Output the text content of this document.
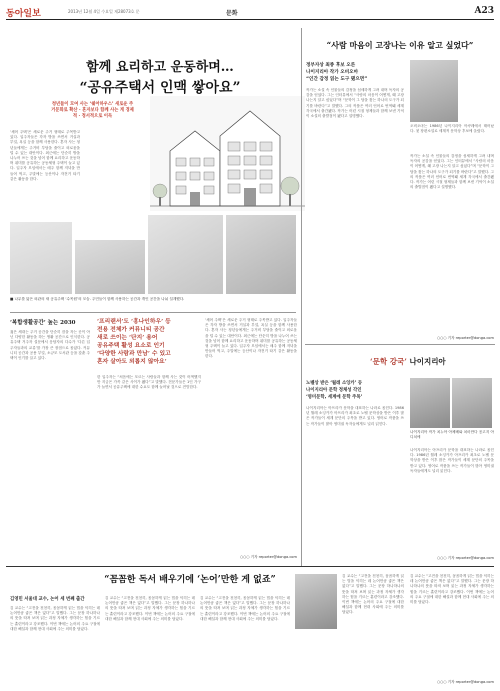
동아일보	2013년 12월 4일 수요일 제28073호 문	문화	A23
함께 요리하고 운동하며…
“공유주택서 인맥 쌓아요”
청년들이 모여 사는 ‘쉐어하우스’ 새로운 주거문화로 확산 · 혼자보다 함께 사는 게 경제적 · 정서적으로 이득
‘셰어 주택’은 새로운 주거 형태로 주목받고 있다. 입주자들은 각자 방을 쓰면서 거실과 부엌, 욕실 등을 함께 사용한다. 혼자 사는 청년들에게는 주거비 부담을 줄이고 외로움을 덜 수 있는 대안이다. 최근에는 단순히 방을 나누어 쓰는 것을 넘어 함께 요리하고 운동하며 취미를 공유하는 공동체형 주택이 늘고 있다. 입주자 모임에서는 매주 함께 저녁을 만들어 먹고, 주말에는 등산이나 자전거 타기 같은 활동을 한다.
■ 나무를 닮은 외관의 새 공유주택 ‘수목원’의 모습. 주민들이 함께 사용하는 공간과 개인 공간을 나눠 설계했다.
‘복합생활공간’ 높는 2030
젊은 세대는 주거 공간을 단순히 잠을 자는 곳이 아닌 다양한 활동을 하는 생활 공간으로 인식한다. 공유주택 거주자 설문에서 응답자의 다수가 ‘다른 입주자들과의 교류’를 가장 큰 장점으로 꼽았다. 커뮤니티 공간과 공용 부엌, 소규모 도서관 등을 갖춘 주택이 인기를 끌고 있다.
‘프리랜서’도 ‘홍나인하우’ 등
전용 전체가 커뮤니티 공간
새로 쓰이는 ‘단지’ 용어
공유주택 활성 요소로 인기
‘다양한 사람과 만남’ 수 있고
혼자 살아도 외롭지 않아요’
한 입주자는 “처음에는 모르는 사람들과 함께 사는 것이 어색했지만 지금은 가족 같은 사이가 됐다”고 말했다. 전문가들은 1인 가구가 늘면서 공유주택에 대한 수요도 함께 늘어날 것으로 전망한다.
‘셰어 주택’은 새로운 주거 형태로 주목받고 있다. 입주자들은 각자 방을 쓰면서 거실과 부엌, 욕실 등을 함께 사용한다. 혼자 사는 청년들에게는 주거비 부담을 줄이고 외로움을 덜 수 있는 대안이다. 최근에는 단순히 방을 나누어 쓰는 것을 넘어 함께 요리하고 운동하며 취미를 공유하는 공동체형 주택이 늘고 있다. 입주자 모임에서는 매주 함께 저녁을 만들어 먹고, 주말에는 등산이나 자전거 타기 같은 활동을 한다.
○○○ 기자 reporter@donga.com
“사람 마음이 고장나는 이유 알고 싶었다”
정부자상 최종 후보 오른
나이지리아 작가 오비오마
“인간 감정 읽는 도구 됐으면”
작가는 소설 속 인물들의 감정을 섬세하게 그려 내며 독자의 공감을 얻었다. 그는 인터뷰에서 “사람의 마음이 어떻게, 왜 고장 나는지 알고 싶었다”며 “문학이 그 답을 찾는 하나의 도구가 되기를 바란다”고 말했다. 그의 작품은 여러 언어로 번역돼 세계 각국에서 출간됐다. 작가는 어린 시절 형제들과 함께 보낸 기억이 소설의 출발점이 됐다고 설명했다.
오비오마는 1986년 나이지리아 아쿠레에서 태어났다. 첫 장편소설로 세계적 문학상 후보에 올랐다.
작가는 소설 속 인물들의 감정을 섬세하게 그려 내며 독자의 공감을 얻었다. 그는 인터뷰에서 “사람의 마음이 어떻게, 왜 고장 나는지 알고 싶었다”며 “문학이 그 답을 찾는 하나의 도구가 되기를 바란다”고 말했다. 그의 작품은 여러 언어로 번역돼 세계 각국에서 출간됐다. 작가는 어린 시절 형제들과 함께 보낸 기억이 소설의 출발점이 됐다고 설명했다.
○○○ 기자 reporter@donga.com
‘문학 강국’ 나이지리아
노벨상 받은 ‘월레 소잉카’ 등
나이지리아 문학 정체성 각인
‘영미문학, 세계에 문학 주목’
나이지리아는 아프리카 문학을 대표하는 나라로 꼽힌다. 1986년 월레 소잉카가 아프리카 최초로 노벨 문학상을 받은 이후 많은 작가들이 세계 문단의 주목을 받고 있다. 영어로 작품을 쓰는 작가들이 많아 영미권 독자들에게도 널리 읽힌다.
나이지리아 작가 치누아 아체베와 치마만다 응고지 아디치에
나이지리아는 아프리카 문학을 대표하는 나라로 꼽힌다. 1986년 월레 소잉카가 아프리카 최초로 노벨 문학상을 받은 이후 많은 작가들이 세계 문단의 주목을 받고 있다. 영어로 작품을 쓰는 작가들이 많아 영미권 독자들에게도 널리 읽힌다.
○○○ 기자 reporter@donga.com
“꼼꼼한 독서 배우기에 ‘논어’만한 게 없죠”
김영민 서울대 교수, 논어 세 번째 출간
김 교수는 “고전을 천천히, 꼼꼼하게 읽는 법을 익히는 데 논어만큼 좋은 책은 없다”고 말했다. 그는 문장 하나하나의 뜻을 따져 보며 읽는 과정 자체가 생각하는 힘을 기르는 훈련이라고 강조했다. 이번 책에는 논어의 주요 구절에 대한 해설과 함께 현대 사회에 주는 의미를 담았다.
김 교수는 “고전을 천천히, 꼼꼼하게 읽는 법을 익히는 데 논어만큼 좋은 책은 없다”고 말했다. 그는 문장 하나하나의 뜻을 따져 보며 읽는 과정 자체가 생각하는 힘을 기르는 훈련이라고 강조했다. 이번 책에는 논어의 주요 구절에 대한 해설과 함께 현대 사회에 주는 의미를 담았다.
김 교수는 “고전을 천천히, 꼼꼼하게 읽는 법을 익히는 데 논어만큼 좋은 책은 없다”고 말했다. 그는 문장 하나하나의 뜻을 따져 보며 읽는 과정 자체가 생각하는 힘을 기르는 훈련이라고 강조했다. 이번 책에는 논어의 주요 구절에 대한 해설과 함께 현대 사회에 주는 의미를 담았다.
김 교수는 “고전을 천천히, 꼼꼼하게 읽는 법을 익히는 데 논어만큼 좋은 책은 없다”고 말했다. 그는 문장 하나하나의 뜻을 따져 보며 읽는 과정 자체가 생각하는 힘을 기르는 훈련이라고 강조했다. 이번 책에는 논어의 주요 구절에 대한 해설과 함께 현대 사회에 주는 의미를 담았다.
김 교수는 “고전을 천천히, 꼼꼼하게 읽는 법을 익히는 데 논어만큼 좋은 책은 없다”고 말했다. 그는 문장 하나하나의 뜻을 따져 보며 읽는 과정 자체가 생각하는 힘을 기르는 훈련이라고 강조했다. 이번 책에는 논어의 주요 구절에 대한 해설과 함께 현대 사회에 주는 의미를 담았다.
○○○ 기자 reporter@donga.com
